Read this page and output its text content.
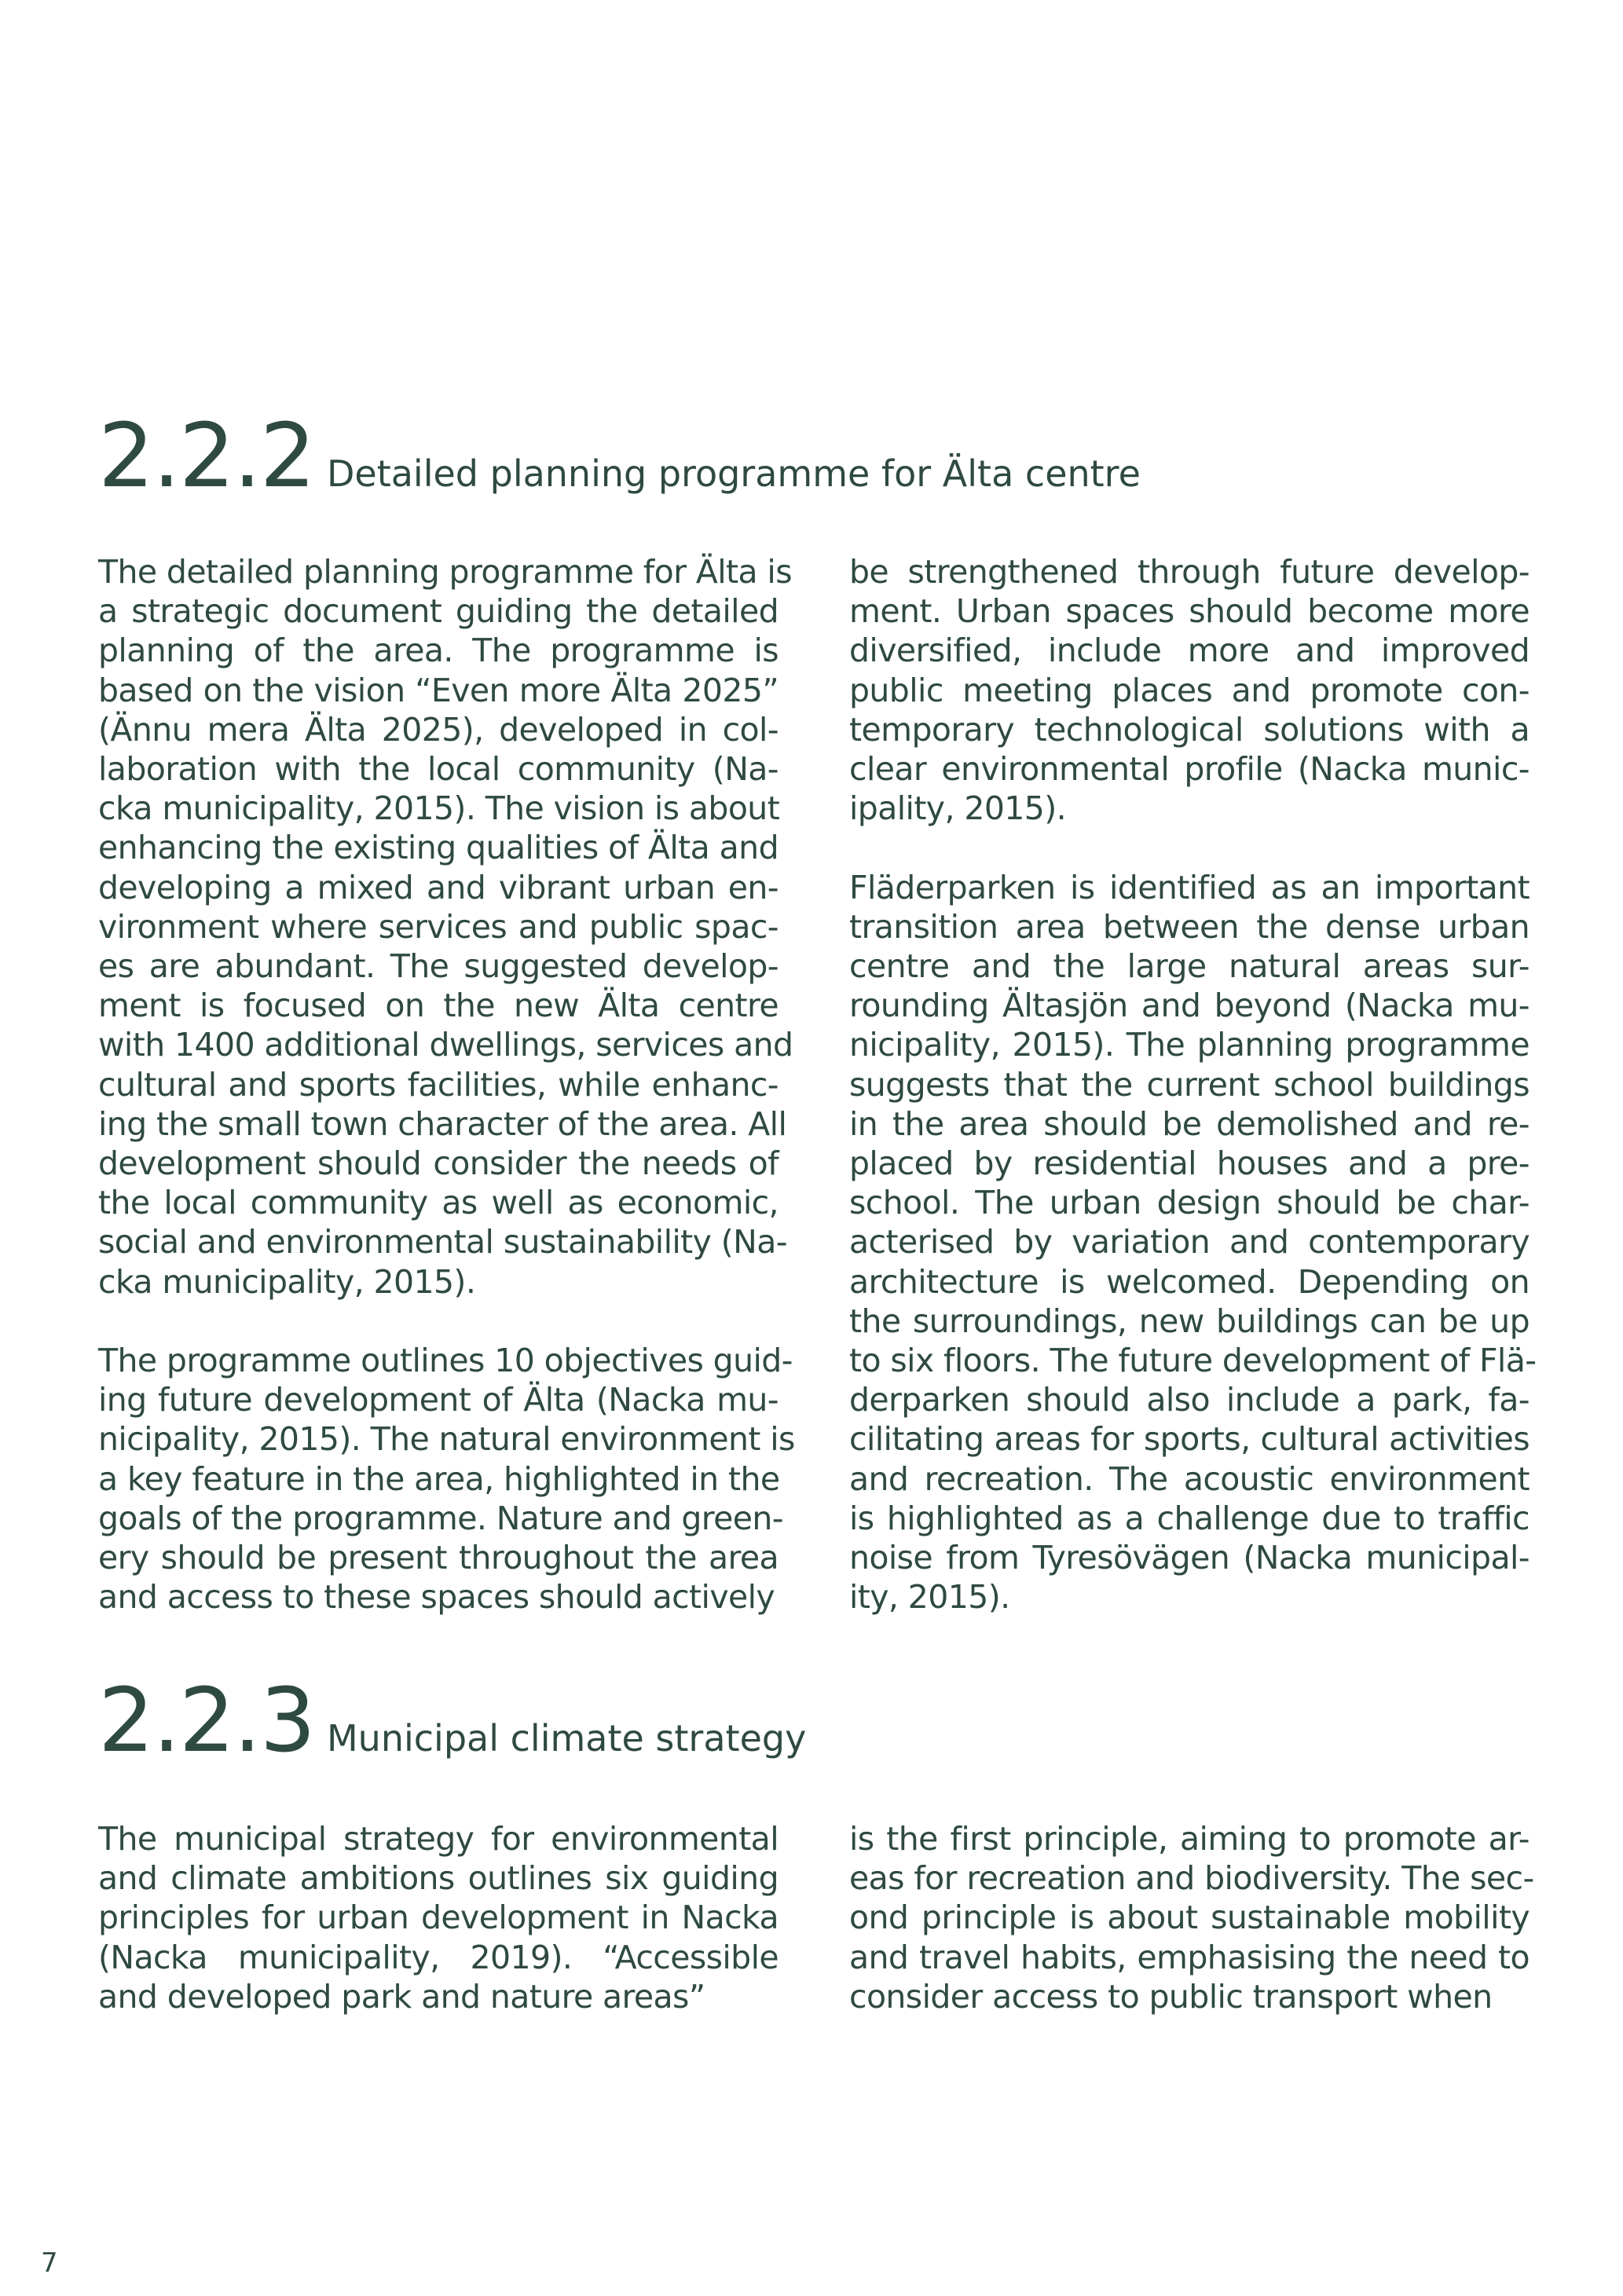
2.2.2 Detailed planning programme for Älta centre
The detailed planning programme for Älta is
a strategic document guiding the detailed
planning of the area. The programme is
based on the vision “Even more Älta 2025”
(Ännu mera Älta 2025), developed in col-
laboration with the local community (Na-
cka municipality, 2015). The vision is about
enhancing the existing qualities of Älta and
developing a mixed and vibrant urban en-
vironment where services and public spac-
es are abundant. The suggested develop-
ment is focused on the new Älta centre
with 1400 additional dwellings, services and
cultural and sports facilities, while enhanc-
ing the small town character of the area. All
development should consider the needs of
the local community as well as economic,
social and environmental sustainability (Na-
cka municipality, 2015).
The programme outlines 10 objectives guid-
ing future development of Älta (Nacka mu-
nicipality, 2015). The natural environment is
a key feature in the area, highlighted in the
goals of the programme. Nature and green-
ery should be present throughout the area
and access to these spaces should actively
be strengthened through future develop-
ment. Urban spaces should become more
diversified, include more and improved
public meeting places and promote con-
temporary technological solutions with a
clear environmental profile (Nacka munic-
ipality, 2015).
Fläderparken is identified as an important
transition area between the dense urban
centre and the large natural areas sur-
rounding Ältasjön and beyond (Nacka mu-
nicipality, 2015). The planning programme
suggests that the current school buildings
in the area should be demolished and re-
placed by residential houses and a pre-
school. The urban design should be char-
acterised by variation and contemporary
architecture is welcomed. Depending on
the surroundings, new buildings can be up
to six floors. The future development of Flä-
derparken should also include a park, fa-
cilitating areas for sports, cultural activities
and recreation. The acoustic environment
is highlighted as a challenge due to traffic
noise from Tyresövägen (Nacka municipal-
ity, 2015).
2.2.3 Municipal climate strategy
The municipal strategy for environmental
and climate ambitions outlines six guiding
principles for urban development in Nacka
(Nacka municipality, 2019). “Accessible
and developed park and nature areas”
is the first principle, aiming to promote ar-
eas for recreation and biodiversity. The sec-
ond principle is about sustainable mobility
and travel habits, emphasising the need to
consider access to public transport when
7
